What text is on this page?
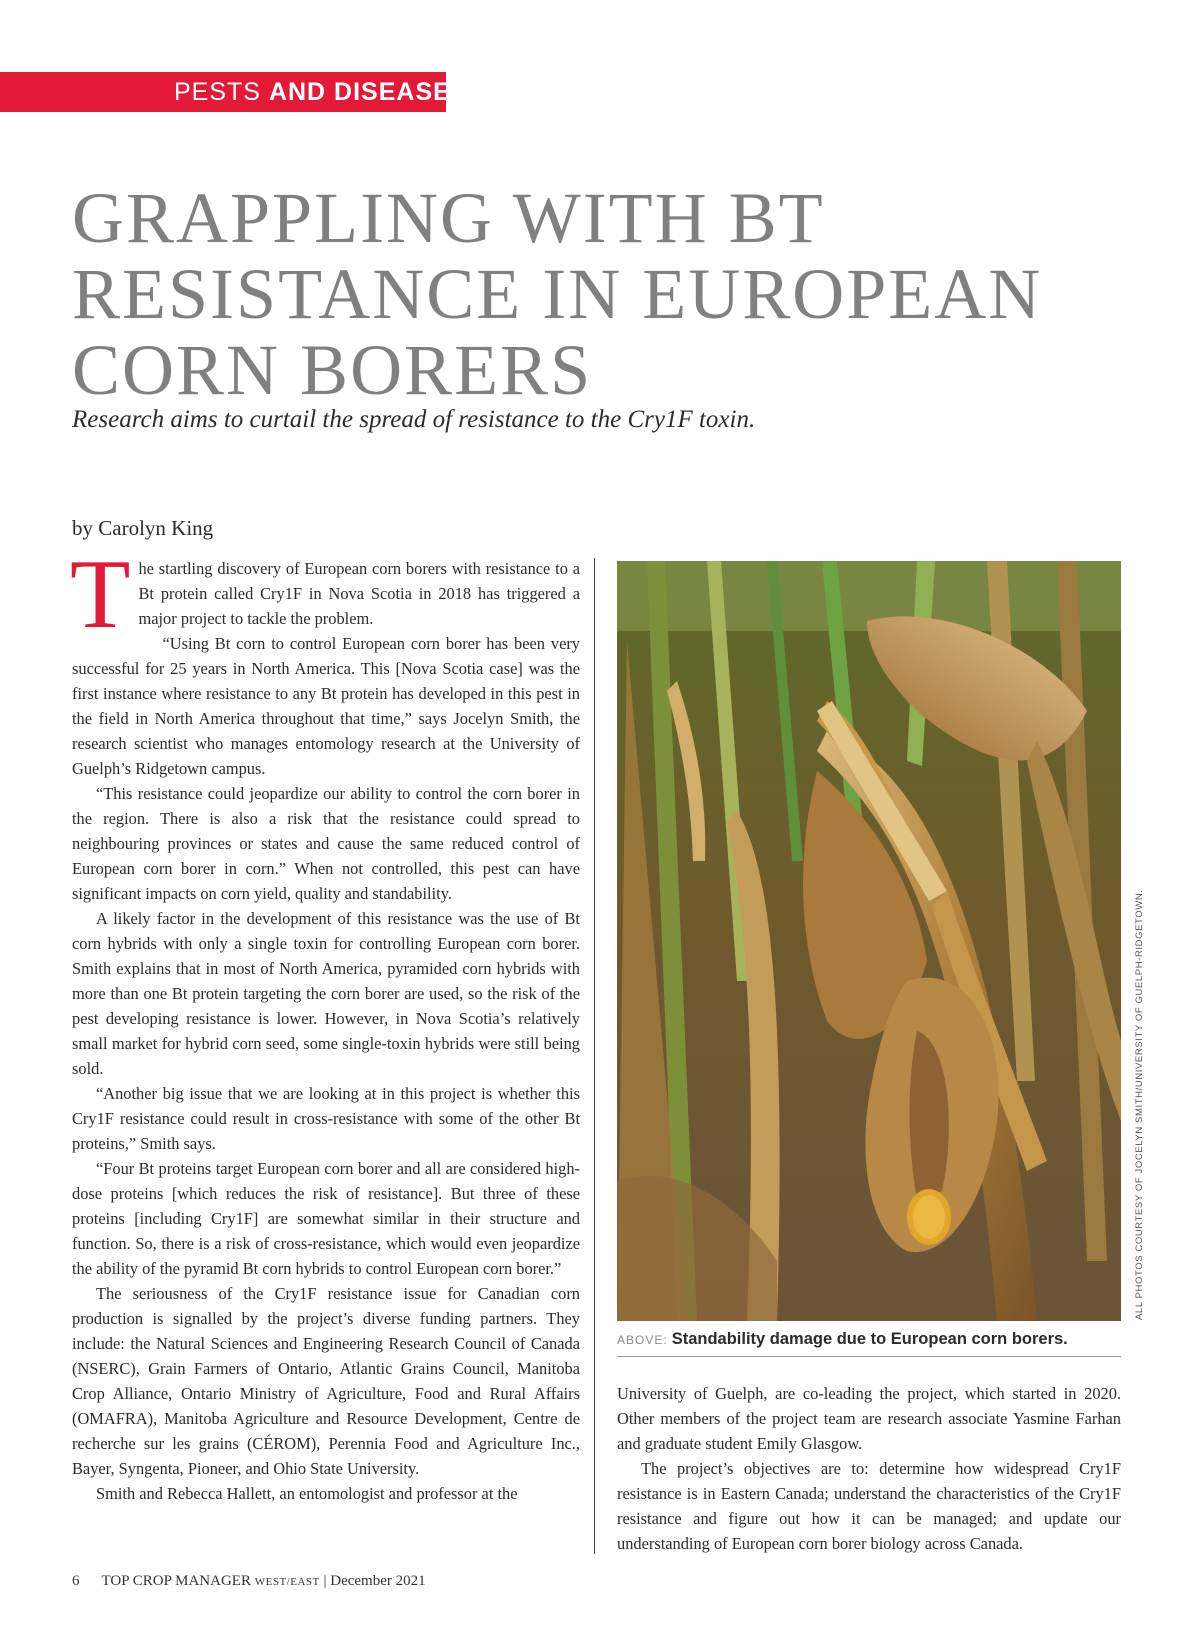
PESTS AND DISEASES
GRAPPLING WITH BT RESISTANCE IN EUROPEAN CORN BORERS

Research aims to curtail the spread of resistance to the Cry1F toxin.

by Carolyn King

The startling discovery of European corn borers with resistance to a Bt protein called Cry1F in Nova Scotia in 2018 has triggered a major project to tackle the problem.
“Using Bt corn to control European corn borer has been very successful for 25 years in North America. This [Nova Scotia case] was the first instance where resistance to any Bt protein has developed in this pest in the field in North America throughout that time,” says Jocelyn Smith, the research scientist who manages entomology research at the University of Guelph’s Ridgetown campus.

“This resistance could jeopardize our ability to control the corn borer in the region. There is also a risk that the resistance could spread to neighbouring provinces or states and cause the same reduced control of European corn borer in corn.” When not controlled, this pest can have significant impacts on corn yield, quality and standability.

A likely factor in the development of this resistance was the use of Bt corn hybrids with only a single toxin for controlling European corn borer. Smith explains that in most of North America, pyramided corn hybrids with more than one Bt protein targeting the corn borer are used, so the risk of the pest developing resistance is lower. However, in Nova Scotia’s relatively small market for hybrid corn seed, some single-toxin hybrids were still being sold.

“Another big issue that we are looking at in this project is whether this Cry1F resistance could result in cross-resistance with some of the other Bt proteins,” Smith says.

“Four Bt proteins target European corn borer and all are considered high-dose proteins [which reduces the risk of resistance]. But three of these proteins [including Cry1F] are somewhat similar in their structure and function. So, there is a risk of cross-resistance, which would even jeopardize the ability of the pyramid Bt corn hybrids to control European corn borer.”

The seriousness of the Cry1F resistance issue for Canadian corn production is signalled by the project’s diverse funding partners. They include: the Natural Sciences and Engineering Research Council of Canada (NSERC), Grain Farmers of Ontario, Atlantic Grains Council, Manitoba Crop Alliance, Ontario Ministry of Agriculture, Food and Rural Affairs (OMAFRA), Manitoba Agriculture and Resource Development, Centre de recherche sur les grains (CÉROM), Perennia Food and Agriculture Inc., Bayer, Syngenta, Pioneer, and Ohio State University.

Smith and Rebecca Hallett, an entomologist and professor at the

ALL PHOTOS COURTESY OF JOCELYN SMITH/UNIVERSITY OF GUELPH-RIDGETOWN.
ABOVE: Standability damage due to European corn borers.

University of Guelph, are co-leading the project, which started in 2020. Other members of the project team are research associate Yasmine Farhan and graduate student Emily Glasgow.

The project’s objectives are to: determine how widespread Cry1F resistance is in Eastern Canada; understand the characteristics of the Cry1F resistance and figure out how it can be managed; and update our understanding of European corn borer biology across Canada.

6 TOP CROP MANAGER WEST/EAST | December 2021
